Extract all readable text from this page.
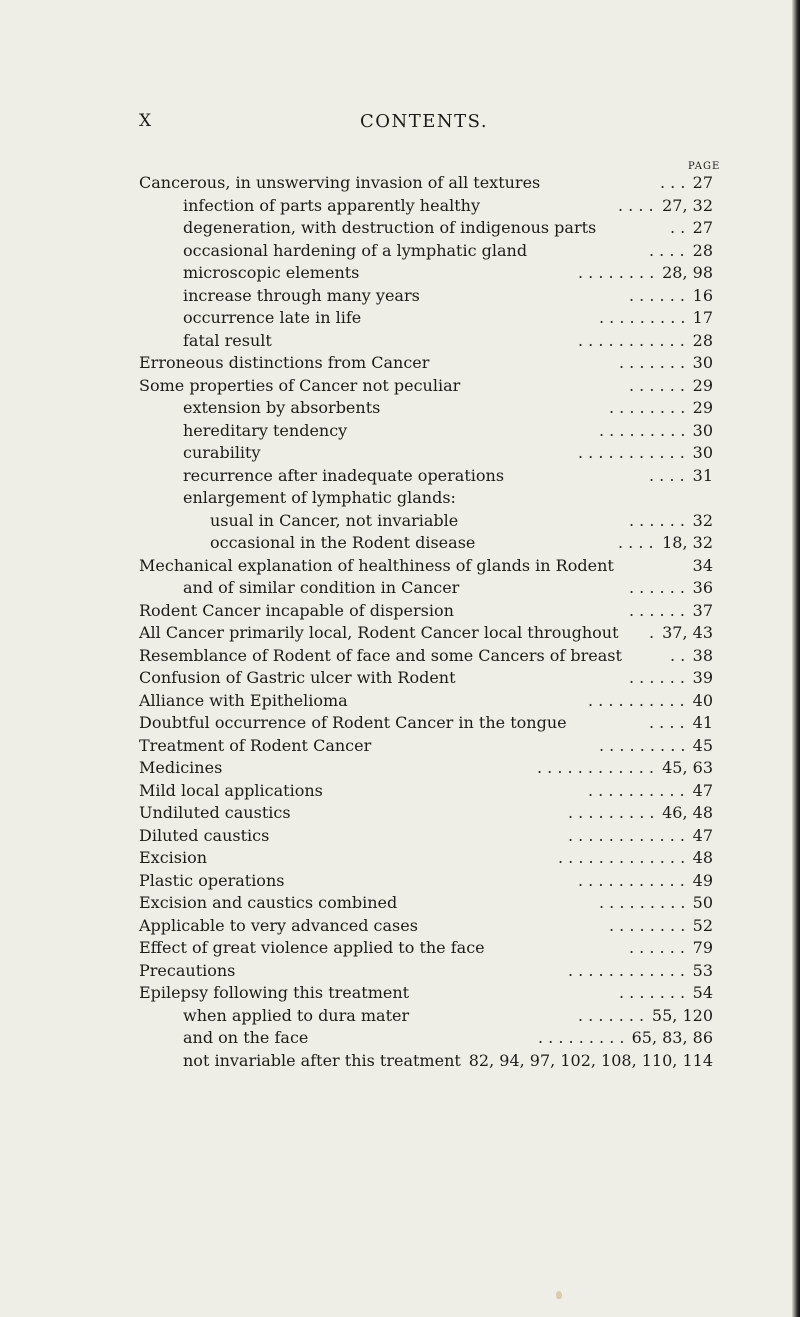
X	CONTENTS.
PAGE
Cancerous, in unswerving invasion of all textures	. . . 27
infection of parts apparently healthy	. . . . 27, 32
degeneration, with destruction of indigenous parts	. . 27
occasional hardening of a lymphatic gland	. . . . 28
microscopic elements	. . . . . . . . 28, 98
increase through many years	. . . . . . 16
occurrence late in life	. . . . . . . . . 17
fatal result	. . . . . . . . . . . 28
Erroneous distinctions from Cancer	. . . . . . . 30
Some properties of Cancer not peculiar	. . . . . . 29
extension by absorbents	. . . . . . . . 29
hereditary tendency	. . . . . . . . . 30
curability	. . . . . . . . . . . 30
recurrence after inadequate operations	. . . . 31
enlargement of lymphatic glands:
usual in Cancer, not invariable	. . . . . . 32
occasional in the Rodent disease	. . . . 18, 32
Mechanical explanation of healthiness of glands in Rodent	34
and of similar condition in Cancer	. . . . . . 36
Rodent Cancer incapable of dispersion	. . . . . . 37
All Cancer primarily local, Rodent Cancer local throughout . 37, 43
Resemblance of Rodent of face and some Cancers of breast	. . 38
Confusion of Gastric ulcer with Rodent	. . . . . . 39
Alliance with Epithelioma	. . . . . . . . . . 40
Doubtful occurrence of Rodent Cancer in the tongue	. . . . 41
Treatment of Rodent Cancer	. . . . . . . . . 45
Medicines	. . . . . . . . . . . . 45, 63
Mild local applications	. . . . . . . . . . 47
Undiluted caustics	. . . . . . . . . 46, 48
Diluted caustics	. . . . . . . . . . . . 47
Excision	. . . . . . . . . . . . . 48
Plastic operations	. . . . . . . . . . . 49
Excision and caustics combined	. . . . . . . . . 50
Applicable to very advanced cases	. . . . . . . . 52
Effect of great violence applied to the face	. . . . . . 79
Precautions	. . . . . . . . . . . . 53
Epilepsy following this treatment	. . . . . . . 54
when applied to dura mater	. . . . . . . 55, 120
and on the face	. . . . . . . . . 65, 83, 86
not invariable after this treatment 82, 94, 97, 102, 108, 110, 114
